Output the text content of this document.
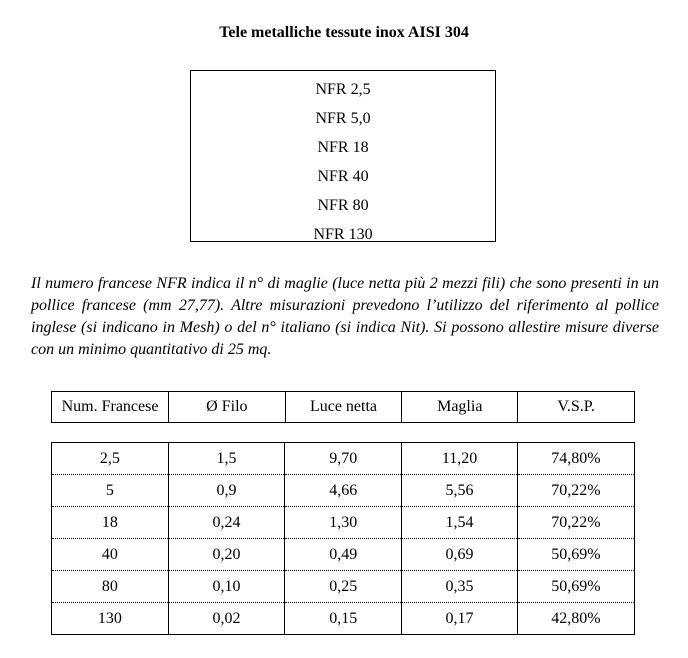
Tele metalliche tessute inox AISI 304
NFR 2,5
NFR 5,0
NFR 18
NFR 40
NFR 80
NFR 130
Il numero francese NFR indica il n° di maglie (luce netta più 2 mezzi fili) che sono presenti in un pollice francese (mm 27,77). Altre misurazioni prevedono l’utilizzo del riferimento al pollice inglese (si indicano in Mesh) o del n° italiano (si indica Nit). Si possono allestire misure diverse con un minimo quantitativo di 25 mq.
Num. Francese	Ø Filo	Luce netta	Maglia	V.S.P.
2,5	1,5	9,70	11,20	74,80%
5	0,9	4,66	5,56	70,22%
18	0,24	1,30	1,54	70,22%
40	0,20	0,49	0,69	50,69%
80	0,10	0,25	0,35	50,69%
130	0,02	0,15	0,17	42,80%
